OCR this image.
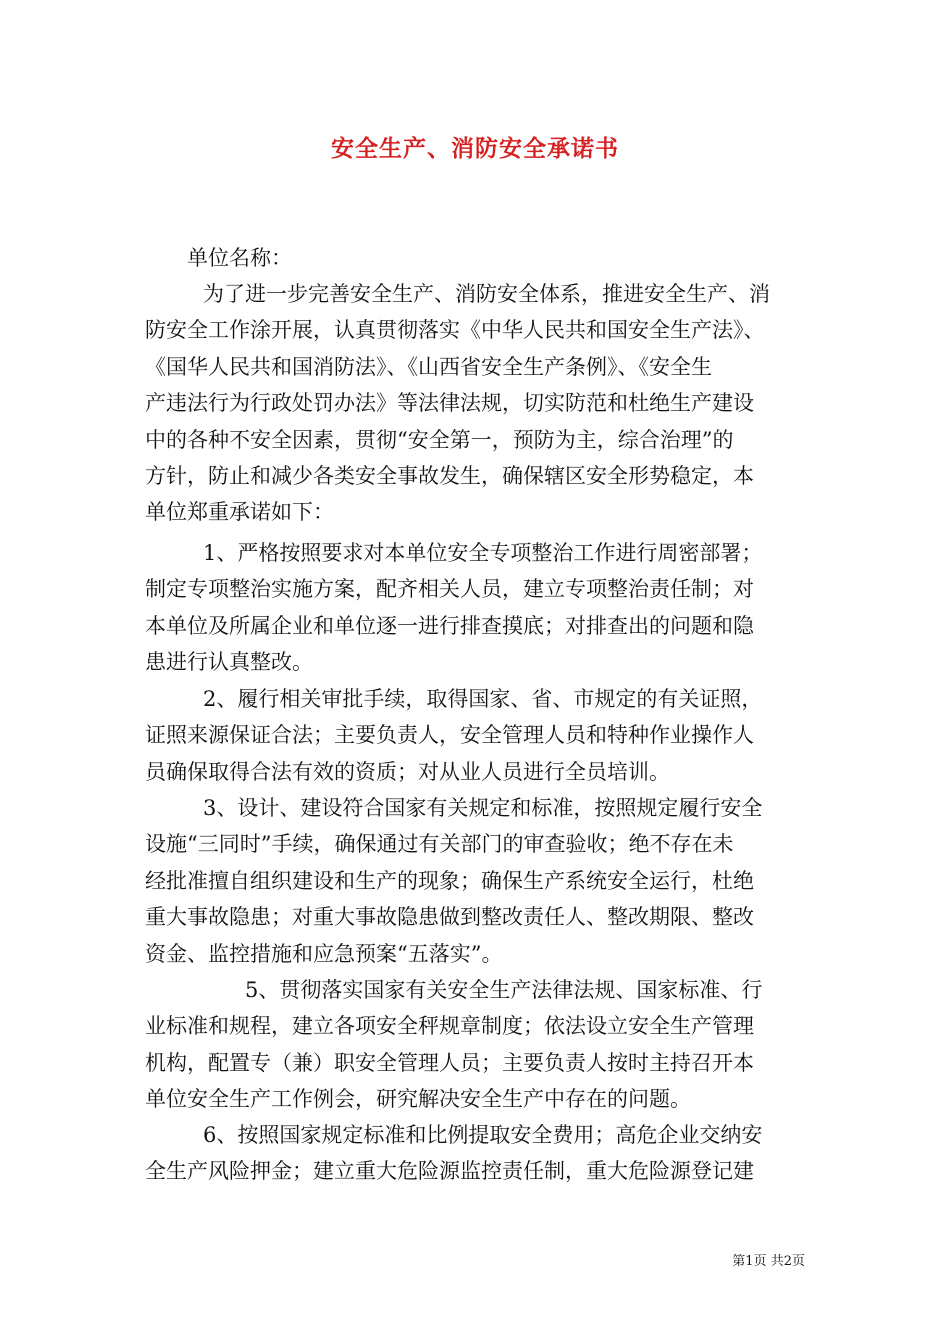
安全生产、消防安全承诺书
单位名称：
为了进一步完善安全生产、消防安全体系，推进安全生产、消
防安全工作涂开展，认真贯彻落实《中华人民共和国安全生产法》、
《国华人民共和国消防法》、《山西省安全生产条例》、《安全生
产违法行为行政处罚办法》等法律法规，切实防范和杜绝生产建设
中的各种不安全因素，贯彻“安全第一，预防为主，综合治理”的
方针，防止和减少各类安全事故发生，确保辖区安全形势稳定，本
单位郑重承诺如下：
1、严格按照要求对本单位安全专项整治工作进行周密部署；
制定专项整治实施方案，配齐相关人员，建立专项整治责任制；对
本单位及所属企业和单位逐一进行排查摸底；对排查出的问题和隐
患进行认真整改。
2、履行相关审批手续，取得国家、省、市规定的有关证照，
证照来源保证合法；主要负责人，安全管理人员和特种作业操作人
员确保取得合法有效的资质；对从业人员进行全员培训。
3、设计、建设符合国家有关规定和标准，按照规定履行安全
设施“三同时”手续，确保通过有关部门的审查验收；绝不存在未
经批准擅自组织建设和生产的现象；确保生产系统安全运行，杜绝
重大事故隐患；对重大事故隐患做到整改责任人、整改期限、整改
资金、监控措施和应急预案“五落实”。
5、贯彻落实国家有关安全生产法律法规、国家标准、行
业标准和规程，建立各项安全秤规章制度；依法设立安全生产管理
机构，配置专（兼）职安全管理人员；主要负责人按时主持召开本
单位安全生产工作例会，研究解决安全生产中存在的问题。
6、按照国家规定标准和比例提取安全费用；高危企业交纳安
全生产风险押金；建立重大危险源监控责任制，重大危险源登记建
第1页 共2页
